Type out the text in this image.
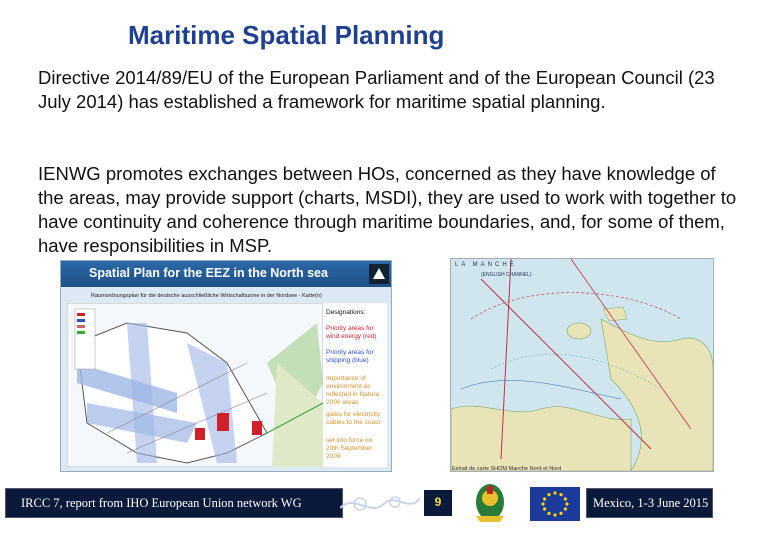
Maritime Spatial Planning

Directive 2014/89/EU of the European Parliament and of the European Council (23 July 2014) has established a framework for maritime spatial planning.

IENWG promotes exchanges between HOs, concerned as they have knowledge of the areas, may provide support (charts, MSDI), they are used to work with together to have continuity and coherence through maritime boundaries, and, for some of them, have responsibilities in MSP.

Spatial Plan for the EEZ in the North sea
Raumordnungsplan für die deutsche ausschließliche Wirtschaftszone in der Nordsee - Karte(n)
Designations:
Priority areas for wind energy (red)
Priority areas for shipping (blue)
Importance of environment as reflected in Natura 2000 areas
gates for electricity cables to the coast
set into force on 20th September 2009
LA MANCHE
(ENGLISH CHANNEL)
Extrait de carte SHOM Manche Nord et Nord
IRCC 7, report from IHO European Union network WG	9	Mexico, 1-3 June 2015
